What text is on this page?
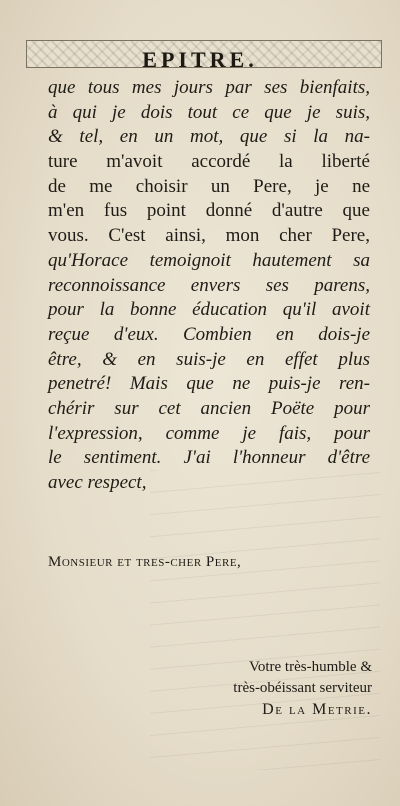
EPITRE.
que tous mes jours par ses bienfaits,
à qui je dois tout ce que je suis,
& tel, en un mot, que si la na-
ture m'avoit accordé la liberté
de me choisir un Pere, je ne
m'en fus point donné d'autre que
vous. C'est ainsi, mon cher Pere,
qu'Horace temoignoit hautement sa
reconnoissance envers ses parens,
pour la bonne éducation qu'il avoit
reçue d'eux. Combien en dois-je
être, & en suis-je en effet plus
penetré! Mais que ne puis-je ren-
chérir sur cet ancien Poëte pour
l'expression, comme je fais, pour
le sentiment. J'ai l'honneur d'être
avec respect,
Monsieur et tres-cher Pere,
Votre très-humble &
très-obéissant serviteur
De la Metrie.
